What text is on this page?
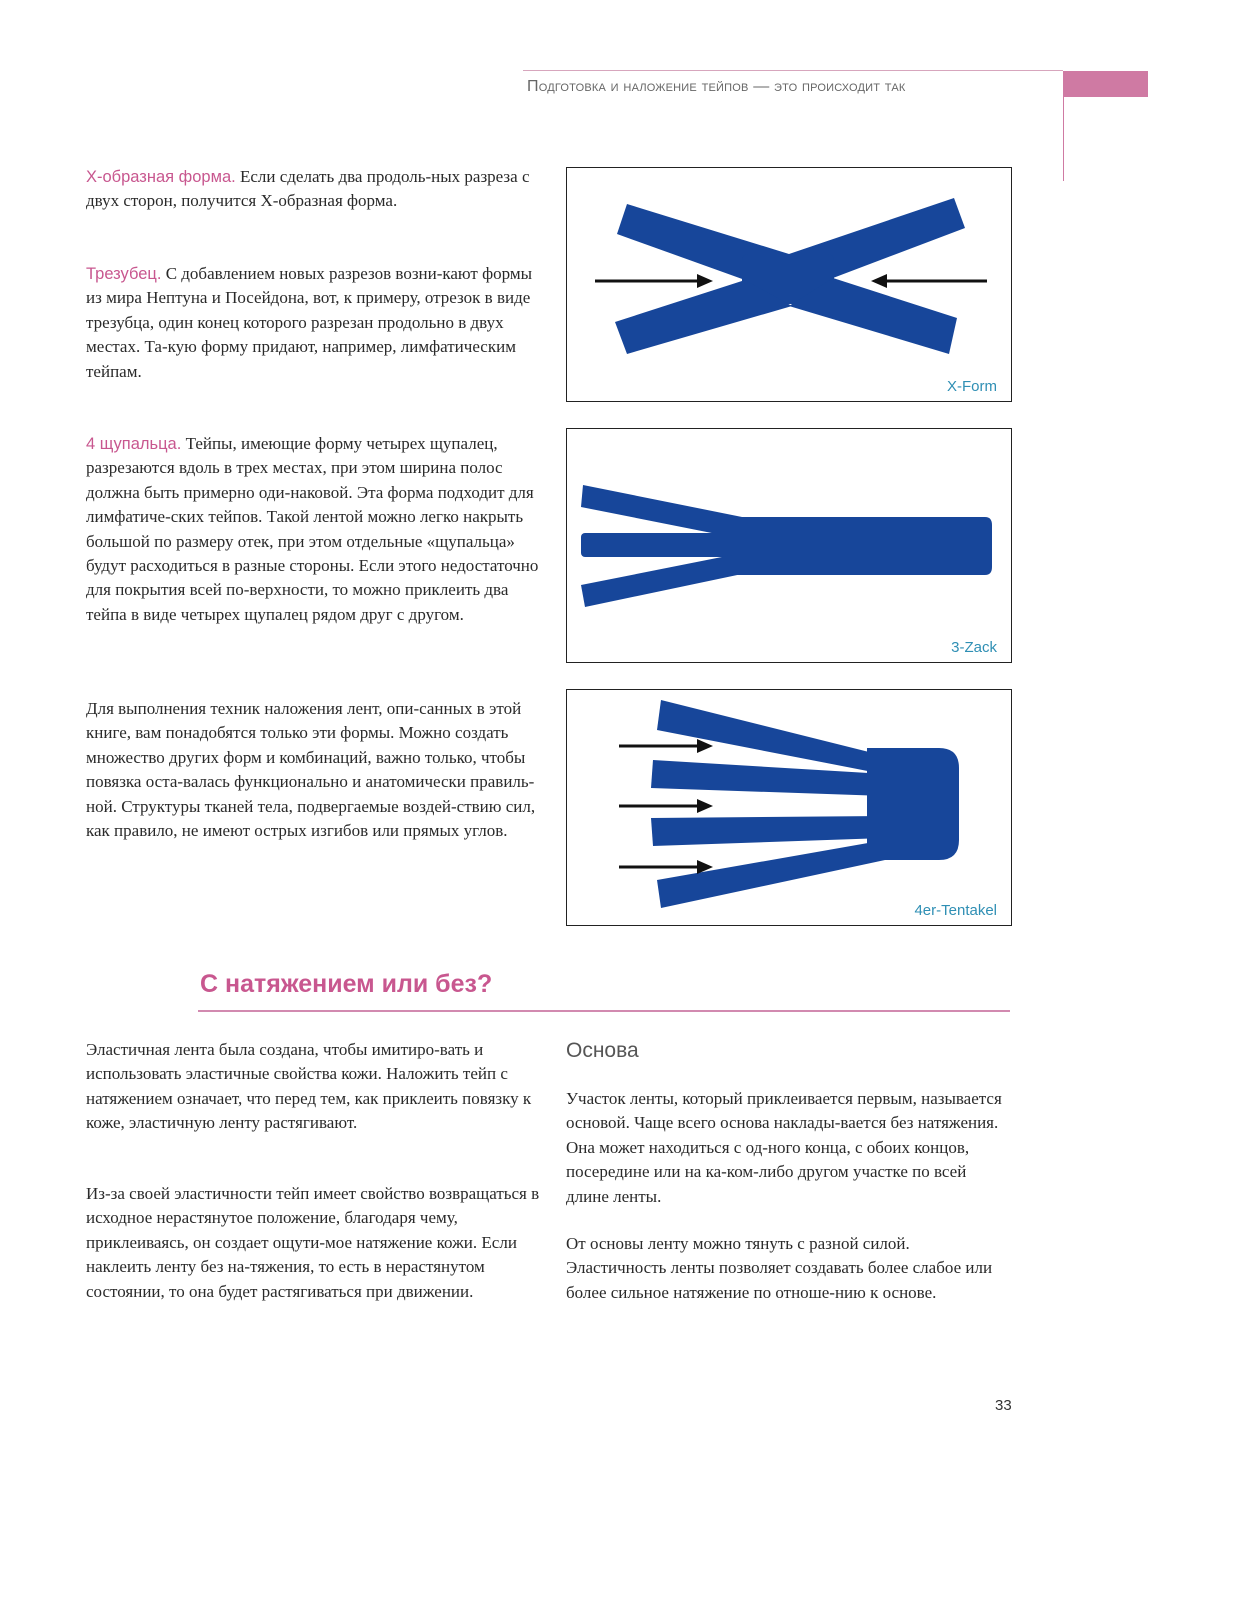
Подготовка и наложение тейпов — это происходит так
X-образная форма. Если сделать два продоль-ных разреза с двух сторон, получится X-образная форма.
Трезубец. С добавлением новых разрезов возни-кают формы из мира Нептуна и Посейдона, вот, к примеру, отрезок в виде трезубца, один конец которого разрезан продольно в двух местах. Та-кую форму придают, например, лимфатическим тейпам.
4 щупальца. Тейпы, имеющие форму четырех щупалец, разрезаются вдоль в трех местах, при этом ширина полос должна быть примерно оди-наковой. Эта форма подходит для лимфатиче-ских тейпов. Такой лентой можно легко накрыть большой по размеру отек, при этом отдельные «щупальца» будут расходиться в разные стороны. Если этого недостаточно для покрытия всей по-верхности, то можно приклеить два тейпа в виде четырех щупалец рядом друг с другом.
Для выполнения техник наложения лент, опи-санных в этой книге, вам понадобятся только эти формы. Можно создать множество других форм и комбинаций, важно только, чтобы повязка оста-валась функционально и анатомически правиль-ной. Структуры тканей тела, подвергаемые воздей-ствию сил, как правило, не имеют острых изгибов или прямых углов.
X-Form
3-Zack
4er-Tentakel
С натяжением или без?
Эластичная лента была создана, чтобы имитиро-вать и использовать эластичные свойства кожи. Наложить тейп с натяжением означает, что перед тем, как приклеить повязку к коже, эластичную ленту растягивают.
Из-за своей эластичности тейп имеет свойство возвращаться в исходное нерастянутое положение, благодаря чему, приклеиваясь, он создает ощути-мое натяжение кожи. Если наклеить ленту без на-тяжения, то есть в нерастянутом состоянии, то она будет растягиваться при движении.
Основа
Участок ленты, который приклеивается первым, называется основой. Чаще всего основа наклады-вается без натяжения. Она может находиться с од-ного конца, с обоих концов, посередине или на ка-ком-либо другом участке по всей длине ленты.
От основы ленту можно тянуть с разной силой. Эластичность ленты позволяет создавать более слабое или более сильное натяжение по отноше-нию к основе.
33
